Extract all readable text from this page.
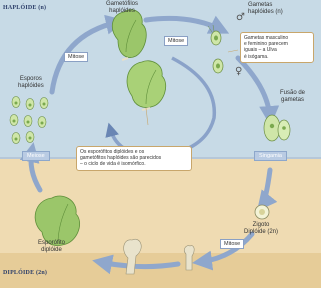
HAPLÓIDE (n)
DIPLÓIDE (2n)
Gametófilos
haplóides
Gametas
haplóides (n)
Esporos
haplóides
Fusão de
gametas
Esporófito
diplóide
Zigoto
Diplóide (2n)
♂
♀
Mitose
Mitose
Mitose
Meiose	Singamia
Gametas masculino
e feminino parecem
iguais – a Ulva
é isógama.
Os esporófitos diplóides e os
gametófitos haplóides são parecidos
– o ciclo de vida é isomórfico.
